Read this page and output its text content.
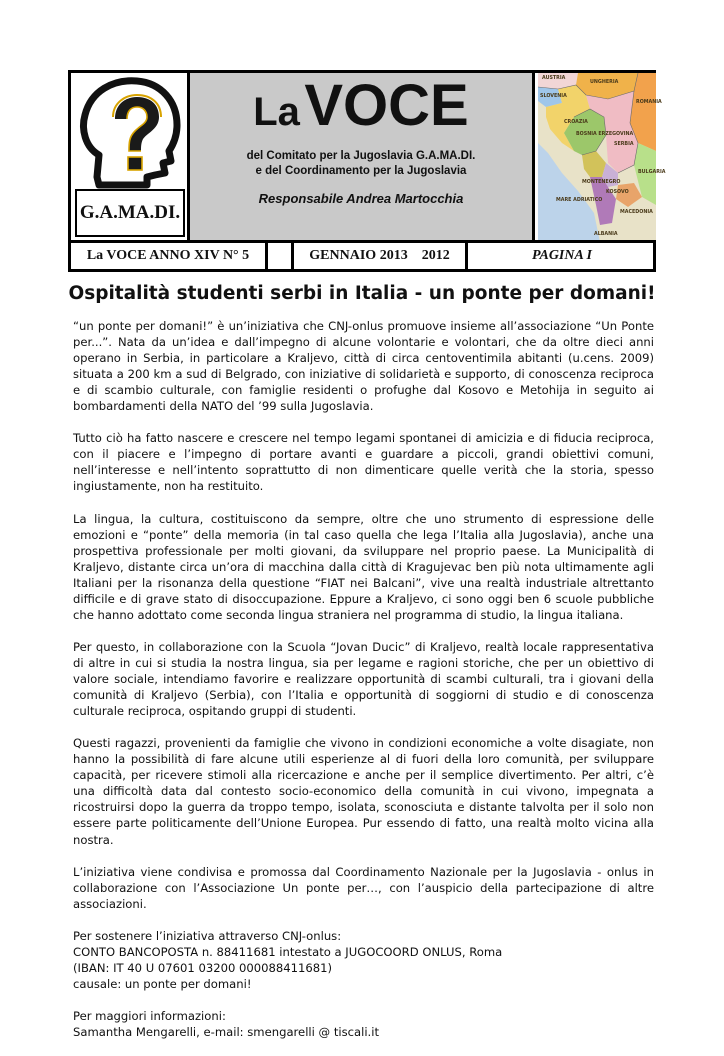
G.A.MA.DI.
La VOCE
del Comitato per la Jugoslavia G.A.MA.DI.
e del Coordinamento per la Jugoslavia
Responsabile Andrea Martocchia
AUSTRIA
UNGHERIA
SLOVENIA
ROMANIA
CROAZIA
BOSNIA ERZEGOVINA
SERBIA
MARE ADRIATICO
MONTENEGRO
KOSOVO
MACEDONIA
BULGARIA
ALBANIA
La VOCE ANNO XIV N° 5	GENNAIO 2013 2012	PAGINA I
Ospitalità studenti serbi in Italia - un ponte per domani!

“un ponte per domani!” è un’iniziativa che CNJ-onlus promuove insieme all’associazione “Un Ponte per...”. Nata da un’idea e dall’impegno di alcune volontarie e volontari, che da oltre dieci anni operano in Serbia, in particolare a Kraljevo, città di circa centoventimila abitanti (u.cens. 2009) situata a 200 km a sud di Belgrado, con iniziative di solidarietà e supporto, di conoscenza reciproca e di scambio culturale, con famiglie residenti o profughe dal Kosovo e Metohija in seguito ai bombardamenti della NATO del ’99 sulla Jugoslavia.

Tutto ciò ha fatto nascere e crescere nel tempo legami spontanei di amicizia e di fiducia reciproca, con il piacere e l’impegno di portare avanti e guardare a piccoli, grandi obiettivi comuni, nell’interesse e nell’intento soprattutto di non dimenticare quelle verità che la storia, spesso ingiustamente, non ha restituito.

La lingua, la cultura, costituiscono da sempre, oltre che uno strumento di espressione delle emozioni e “ponte” della memoria (in tal caso quella che lega l’Italia alla Jugoslavia), anche una prospettiva professionale per molti giovani, da sviluppare nel proprio paese. La Municipalità di Kraljevo, distante circa un’ora di macchina dalla città di Kragujevac ben più nota ultimamente agli Italiani per la risonanza della questione “FIAT nei Balcani”, vive una realtà industriale altrettanto difficile e di grave stato di disoccupazione. Eppure a Kraljevo, ci sono oggi ben 6 scuole pubbliche che hanno adottato come seconda lingua straniera nel programma di studio, la lingua italiana.

Per questo, in collaborazione con la Scuola “Jovan Ducic” di Kraljevo, realtà locale rappresentativa di altre in cui si studia la nostra lingua, sia per legame e ragioni storiche, che per un obiettivo di valore sociale, intendiamo favorire e realizzare opportunità di scambi culturali, tra i giovani della comunità di Kraljevo (Serbia), con l’Italia e opportunità di soggiorni di studio e di conoscenza culturale reciproca, ospitando gruppi di studenti.

Questi ragazzi, provenienti da famiglie che vivono in condizioni economiche a volte disagiate, non hanno la possibilità di fare alcune utili esperienze al di fuori della loro comunità, per sviluppare capacità, per ricevere stimoli alla ricercazione e anche per il semplice divertimento. Per altri, c’è una difficoltà data dal contesto socio-economico della comunità in cui vivono, impegnata a ricostruirsi dopo la guerra da troppo tempo, isolata, sconosciuta e distante talvolta per il solo non essere parte politicamente dell’Unione Europea. Pur essendo di fatto, una realtà molto vicina alla nostra.

L’iniziativa viene condivisa e promossa dal Coordinamento Nazionale per la Jugoslavia - onlus in collaborazione con l’Associazione Un ponte per…, con l’auspicio della partecipazione di altre associazioni.

Per sostenere l’iniziativa attraverso CNJ-onlus:
CONTO BANCOPOSTA n. 88411681 intestato a JUGOCOORD ONLUS, Roma
(IBAN: IT 40 U 07601 03200 000088411681)
causale: un ponte per domani!

Per maggiori informazioni:
Samantha Mengarelli, e-mail: smengarelli @ tiscali.it
